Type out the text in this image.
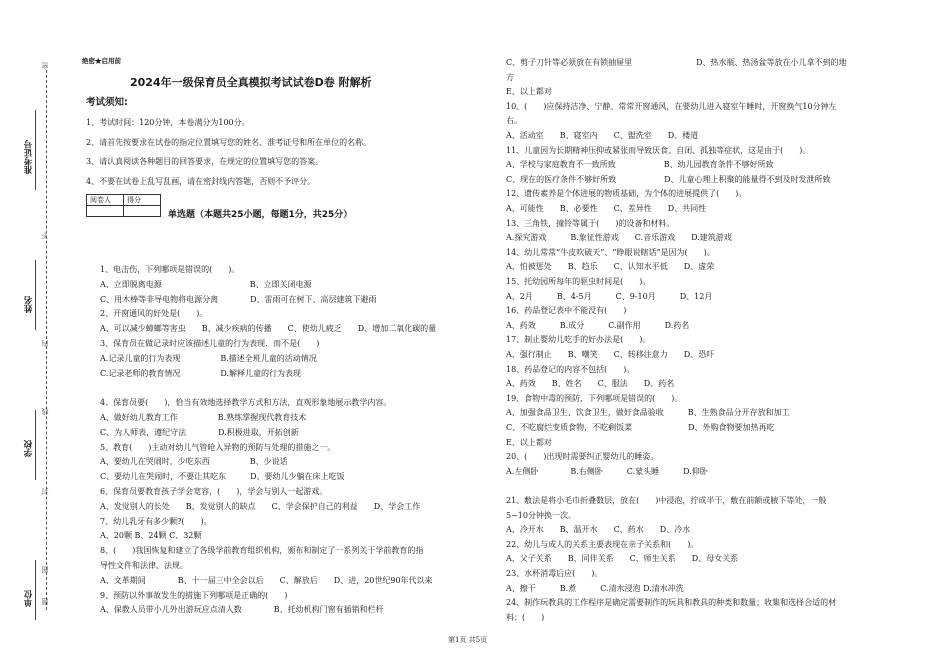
准考证号
姓名
学校
单位
密
不
内
线
封
图
题
绝密★启用前
2024年一级保育员全真模拟考试试卷D卷 附解析
考试须知:
1、考试时间：120分钟，本卷满分为100分。
2、请首先按要求在试卷的指定位置填写您的姓名、准考证号和所在单位的名称。
3、请认真阅读各种题目的回答要求，在规定的位置填写您的答案。
4、不要在试卷上乱写乱画，请在密封线内答题，否则不予评分。
阅卷人	得分

单选题（本题共25小题，每题1分，共25分）
1、电击伤，下列哪项是错误的(　　)。
A、立即脱离电源　　　　　　　　　　　B、立即关闭电源
C、用木棒等非导电物将电源分离　　　　D、雷雨可在树下、高层建筑下避雨
2、开窗通风的好处是(　　)。
A、可以减少蟑螂等害虫　　B、减少疾病的传播　　C、使幼儿疲乏　　D、增加二氧化碳的量
3、保育员在做记录时应该描述儿童的行为表现．而不是(　　)
A.记录儿童的行为表现　　　　　B.描述全班儿童的活动情况
C.记录老师的教育情况　　　　　D.解释儿童的行为表现
4、保育员要(　　)，恰当有效地选择教学方式和方法，直观形象地展示教学内容。
A、做好幼儿教育工作　　　　　B.熟练掌握现代教育技术
C、为人师表，遵纪守法　　　　D.积极进取，开拓创新
5、教育(　　)主动对幼儿气管呛入异物的预防与处理的措施之一。
A、要幼儿在哭闹时，少吃东西　　　　　B、少说话
C、要幼儿在哭闹时，不要让其吃东　　　D、要幼儿少躺在床上吃饭
6、保育员要教育孩子学会宽容，(　　)，学会与别人一起游戏。
A、发觉别人的长处　　B、发觉别人的缺点　　C、学会保护自己的利益　　D、学会工作
7、幼儿乳牙有多少颗?(　　)。
A、20颗 B、24颗 C、32颗
8、(　　)我国恢复和建立了各级学前教育组织机构，颁布和制定了一系列关于学前教育的指
导性文件和法律、法规。
A、文革期间　　　　B、十一届三中全会以后　　C、解放后　　D、进，20世纪90年代以来
9、预防以外事故发生的措施下列哪项是正确的(　　)
A、保教人员带小儿外出游玩应点清人数　　　　B、托幼机构门窗有插销和栏杆
C、剪子刀针等必须放在有锁抽屉里　　　　　　　　D、热水瓶、热汤盆等放在小儿拿不到的地
方
E、以上都对
10、(　　)应保持洁净、宁静、常常开窗通风，在要幼儿进入寝室午睡时，开窗换气10分钟左
右。
A、活动室　　B、寝室内　　C、盥洗室　　D、楼道
11、儿童因为长期精神压抑或紧张而导致厌食、自闭、孤独等症状，这是由于(　　)。
A、学校与家庭教育不一致所致　　　　　　B、幼儿园教育条件不够好所致
C、现在的医疗条件不够好所致　　　　　　D、儿童心理上积聚的能量得不到及时发泄所致
12、遗传素养是个体进展的物质基础，为个体的进展提供了(　　)。
A、可能性　　B、必要性　　C、差异性　　D、共同性
13、三角铁，撞铃等属于(　　)的设备和材料。
A.探究游戏　　　B.象征性游戏　　C.音乐游戏　　D.建筑游戏
14、幼儿常常“牛皮吹破天”、“睁眼说瞎话”是因为(　　)。
A、怕被惩处　　B、趋乐　　C、认知水平低　　D、虚荣
15、托幼园所每年的驱虫时间是(　　)。
A、2月　　　B、4-5月　　　C、9-10月　　　D、12月
16、药品登记表中不能没有(　　)
A、药效　　　B.成分　　　C.副作用　　　D.药名
17、制止婴幼儿吃手的好办法是(　　)。
A、强行制止　　B、嘲笑　　C、转移注意力　　D、恐吓
18、药品登记的内容不包括(　　)。
A、药效　　B、姓名　　C、服法　　D、药名
19、食物中毒的预防，下列哪项是错误的(　　)。
A、加强食品卫生、饮食卫生，做好食品验收　　　B、生熟食品分开存放和加工
C、不吃腐烂变质食物，不吃剩饭菜　　　　　　　D、外购食物要加热再吃
E、以上都对
20、(　　)出现时需要纠正婴幼儿的睡姿。
A.左侧卧　　　　B.右侧卧　　　C.蒙头睡　　　D.仰卧
21、敷法是将小毛巾折叠数层，放在(　　)中浸泡，拧成半干，敷在前额或腋下等处，一般
5~10分钟换一次。
A、冷开水　　B、温开水　　C、药水　　D、冷水
22、幼儿与成人的关系主要表现在亲子关系和(　　)。
A、父子关系　　B、同伴关系　　C、师生关系　　D、母女关系
23、水杯消毒后应(　　)。
A、擦干　　　B.煮　　　C.清水浸泡 D.清水冲洗
24、制作玩教具的工作程序是确定需要制作的玩具和教具的种类和数量；收集和选择合适的材
料；(　　)
第1页 共5页
